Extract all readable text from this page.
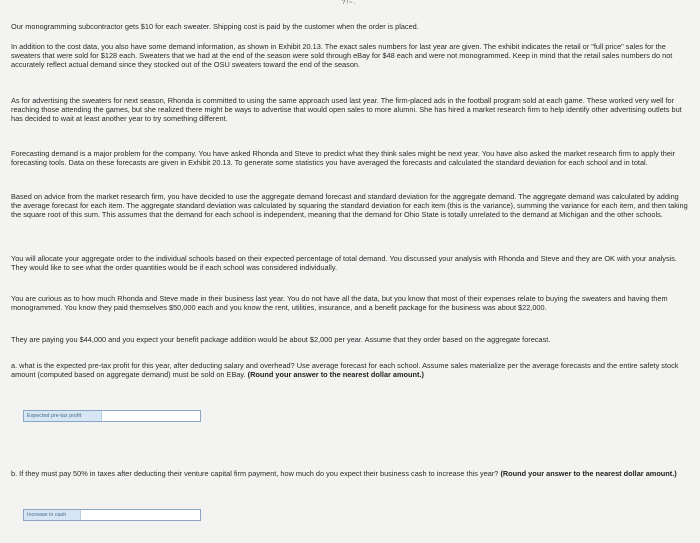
?!~.

Our monogramming subcontractor gets $10 for each sweater. Shipping cost is paid by the customer when the order is placed.

In addition to the cost data, you also have some demand information, as shown in Exhibit 20.13. The exact sales numbers for last year are given. The exhibit indicates the retail or "full price" sales for the sweaters that were sold for $128 each. Sweaters that we had at the end of the season were sold through eBay for $48 each and were not monogrammed. Keep in mind that the retail sales numbers do not accurately reflect actual demand since they stocked out of the OSU sweaters toward the end of the season.

As for advertising the sweaters for next season, Rhonda is committed to using the same approach used last year. The firm-placed ads in the football program sold at each game. These worked very well for reaching those attending the games, but she realized there might be ways to advertise that would open sales to more alumni. She has hired a market research firm to help identify other advertising outlets but has decided to wait at least another year to try something different.

Forecasting demand is a major problem for the company. You have asked Rhonda and Steve to predict what they think sales might be next year. You have also asked the market research firm to apply their forecasting tools. Data on these forecasts are given in Exhibit 20.13. To generate some statistics you have averaged the forecasts and calculated the standard deviation for each school and in total.

Based on advice from the market research firm, you have decided to use the aggregate demand forecast and standard deviation for the aggregate demand. The aggregate demand was calculated by adding the average forecast for each item. The aggregate standard deviation was calculated by squaring the standard deviation for each item (this is the variance), summing the variance for each item, and then taking the square root of this sum. This assumes that the demand for each school is independent, meaning that the demand for Ohio State is totally unrelated to the demand at Michigan and the other schools.

You will allocate your aggregate order to the individual schools based on their expected percentage of total demand. You discussed your analysis with Rhonda and Steve and they are OK with your analysis. They would like to see what the order quantities would be if each school was considered individually.

You are curious as to how much Rhonda and Steve made in their business last year. You do not have all the data, but you know that most of their expenses relate to buying the sweaters and having them monogrammed. You know they paid themselves $50,000 each and you know the rent, utilities, insurance, and a benefit package for the business was about $22,000.

They are paying you $44,000 and you expect your benefit package addition would be about $2,000 per year. Assume that they order based on the aggregate forecast.

a. what is the expected pre-tax profit for this year, after deducting salary and overhead? Use average forecast for each school. Assume sales materialize per the average forecasts and the entire safety stock amount (computed based on aggregate demand) must be sold on EBay. (Round your answer to the nearest dollar amount.)

Expected pre-tax profit

b. If they must pay 50% in taxes after deducting their venture capital firm payment, how much do you expect their business cash to increase this year? (Round your answer to the nearest dollar amount.)

Increase in cash
